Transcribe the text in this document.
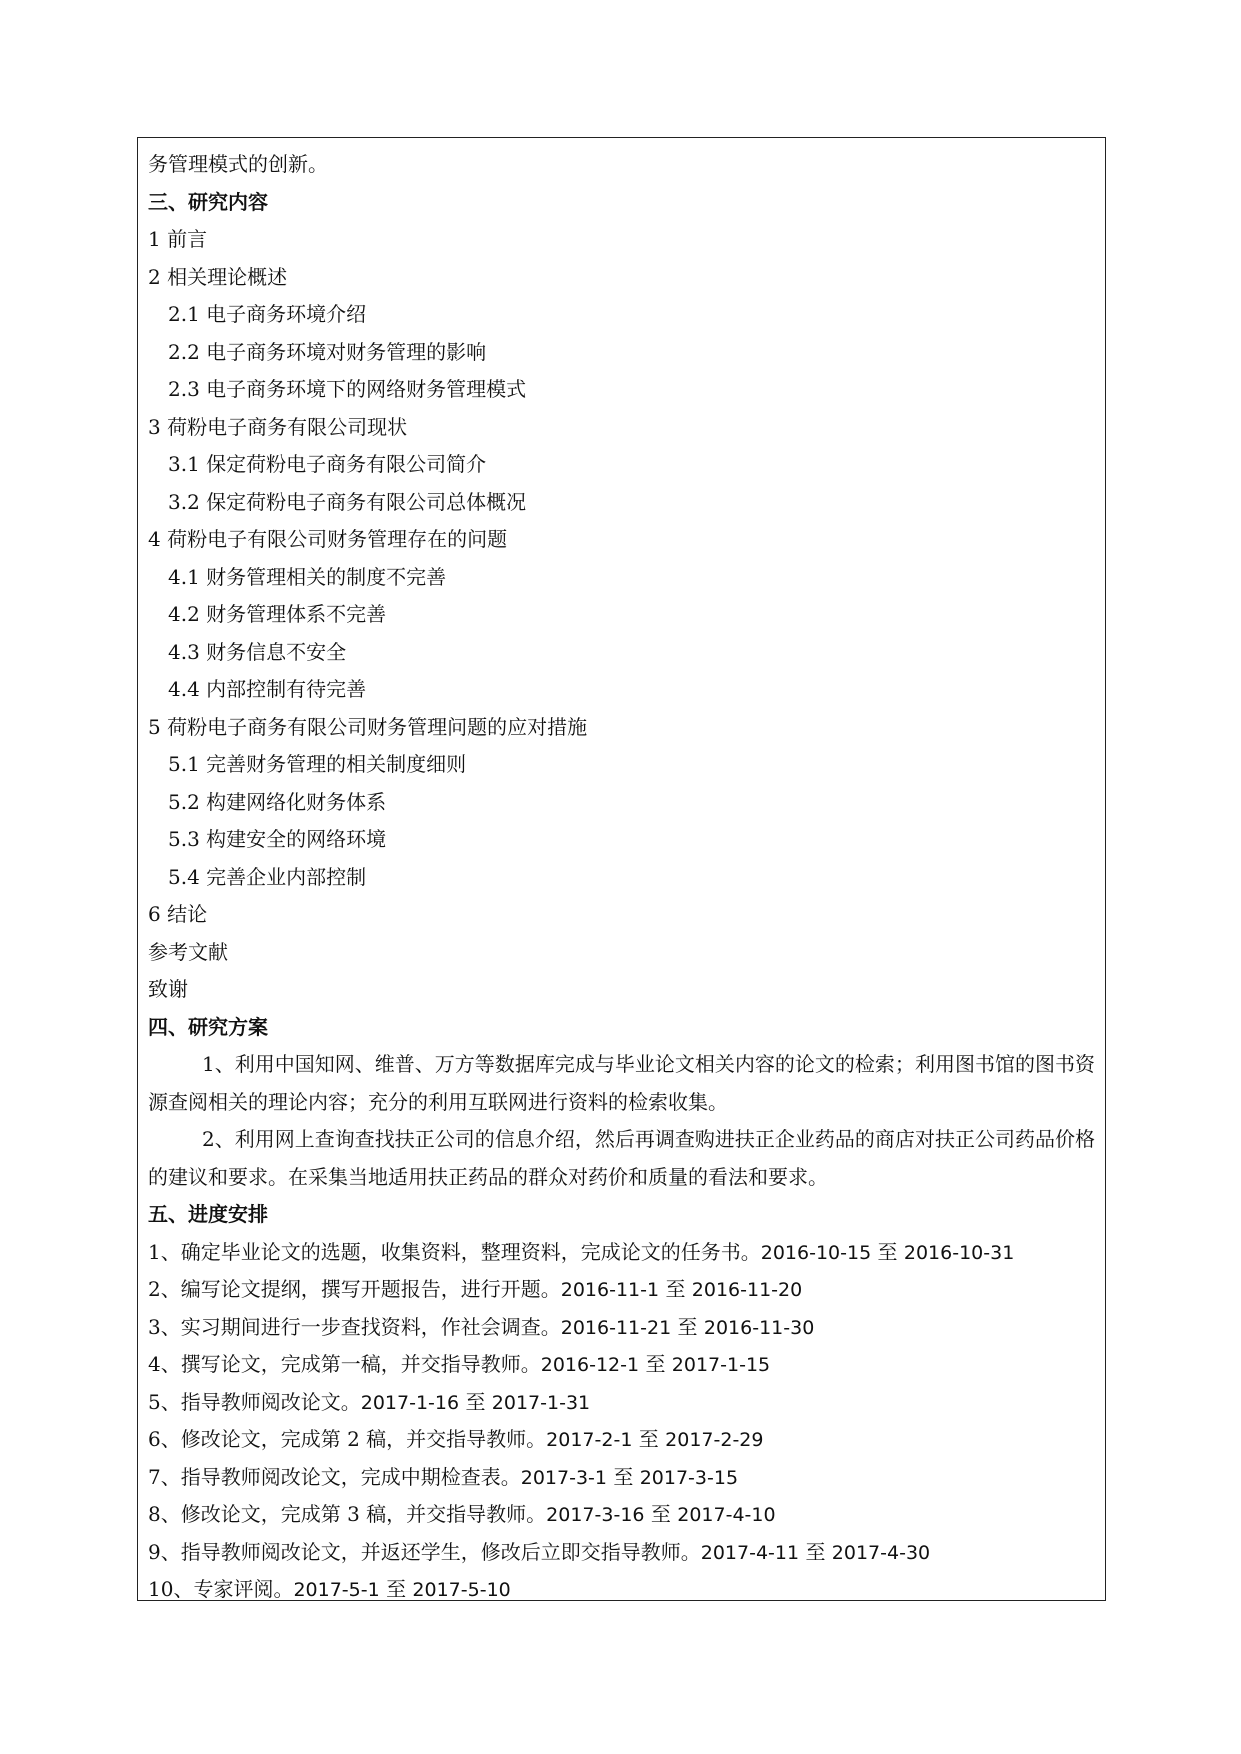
务管理模式的创新。
三、研究内容
1 前言
2 相关理论概述
2.1 电子商务环境介绍
2.2 电子商务环境对财务管理的影响
2.3 电子商务环境下的网络财务管理模式
3 荷粉电子商务有限公司现状
3.1 保定荷粉电子商务有限公司简介
3.2 保定荷粉电子商务有限公司总体概况
4 荷粉电子有限公司财务管理存在的问题
4.1 财务管理相关的制度不完善
4.2 财务管理体系不完善
4.3 财务信息不安全
4.4 内部控制有待完善
5 荷粉电子商务有限公司财务管理问题的应对措施
5.1 完善财务管理的相关制度细则
5.2 构建网络化财务体系
5.3 构建安全的网络环境
5.4 完善企业内部控制
6 结论
参考文献
致谢
四、研究方案

1、利用中国知网、维普、万方等数据库完成与毕业论文相关内容的论文的检索；利用图书馆的图书资源查阅相关的理论内容；充分的利用互联网进行资料的检索收集。

2、利用网上查询查找扶正公司的信息介绍，然后再调查购进扶正企业药品的商店对扶正公司药品价格的建议和要求。在采集当地适用扶正药品的群众对药价和质量的看法和要求。

五、进度安排
1、确定毕业论文的选题，收集资料，整理资料，完成论文的任务书。2016-10-15 至 2016-10-31
2、编写论文提纲，撰写开题报告，进行开题。2016-11-1 至 2016-11-20
3、实习期间进行一步查找资料，作社会调查。2016-11-21 至 2016-11-30
4、撰写论文，完成第一稿，并交指导教师。2016-12-1 至 2017-1-15
5、指导教师阅改论文。2017-1-16 至 2017-1-31
6、修改论文，完成第 2 稿，并交指导教师。2017-2-1 至 2017-2-29
7、指导教师阅改论文，完成中期检查表。2017-3-1 至 2017-3-15
8、修改论文，完成第 3 稿，并交指导教师。2017-3-16 至 2017-4-10
9、指导教师阅改论文，并返还学生，修改后立即交指导教师。2017-4-11 至 2017-4-30
10、专家评阅。2017-5-1 至 2017-5-10
